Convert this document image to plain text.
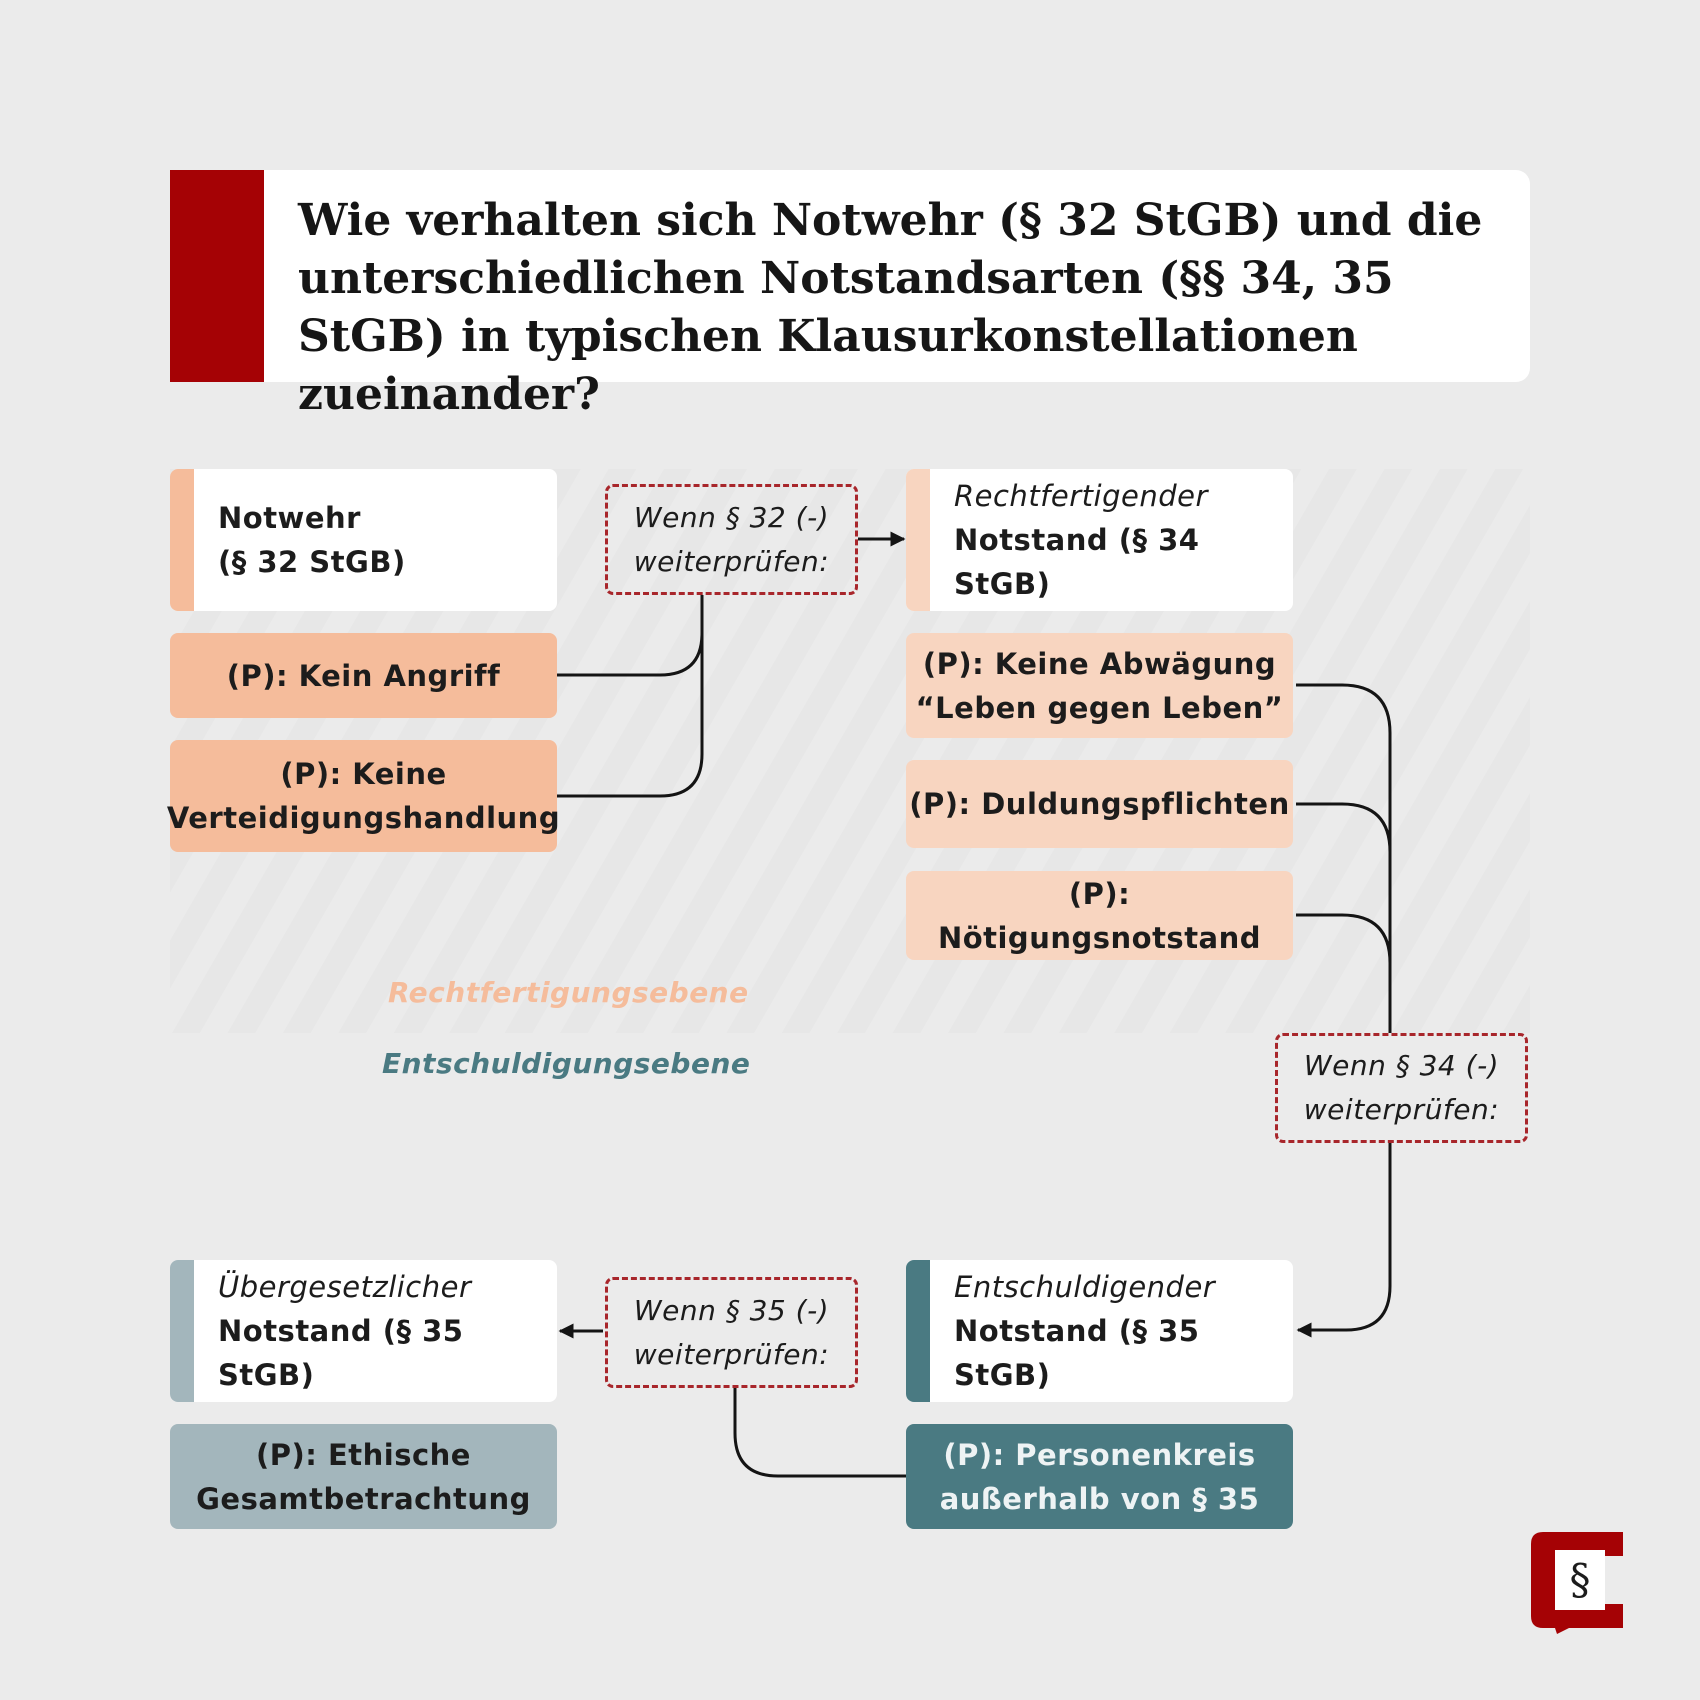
Wie verhalten sich Notwehr (§ 32 StGB) und die unterschiedlichen Notstandsarten (§§ 34, 35 StGB) in typischen Klausurkonstellationen zueinander?
Notwehr
(§ 32 StGB)
(P): Kein Angriff
(P): Keine
Verteidigungshandlung
Wenn § 32 (-)
weiterprüfen:
Rechtfertigender
Notstand (§ 34 StGB)
(P): Keine Abwägung
“Leben gegen Leben”
(P): Duldungspflichten
(P): Nötigungsnotstand
Rechtfertigungsebene
Entschuldigungsebene	Wenn § 34 (-)
weiterprüfen:
Entschuldigender
Notstand (§ 35 StGB)
(P): Personenkreis
außerhalb von § 35
Wenn § 35 (-)
weiterprüfen:
Übergesetzlicher
Notstand (§ 35 StGB)
(P): Ethische
Gesamtbetrachtung
§
